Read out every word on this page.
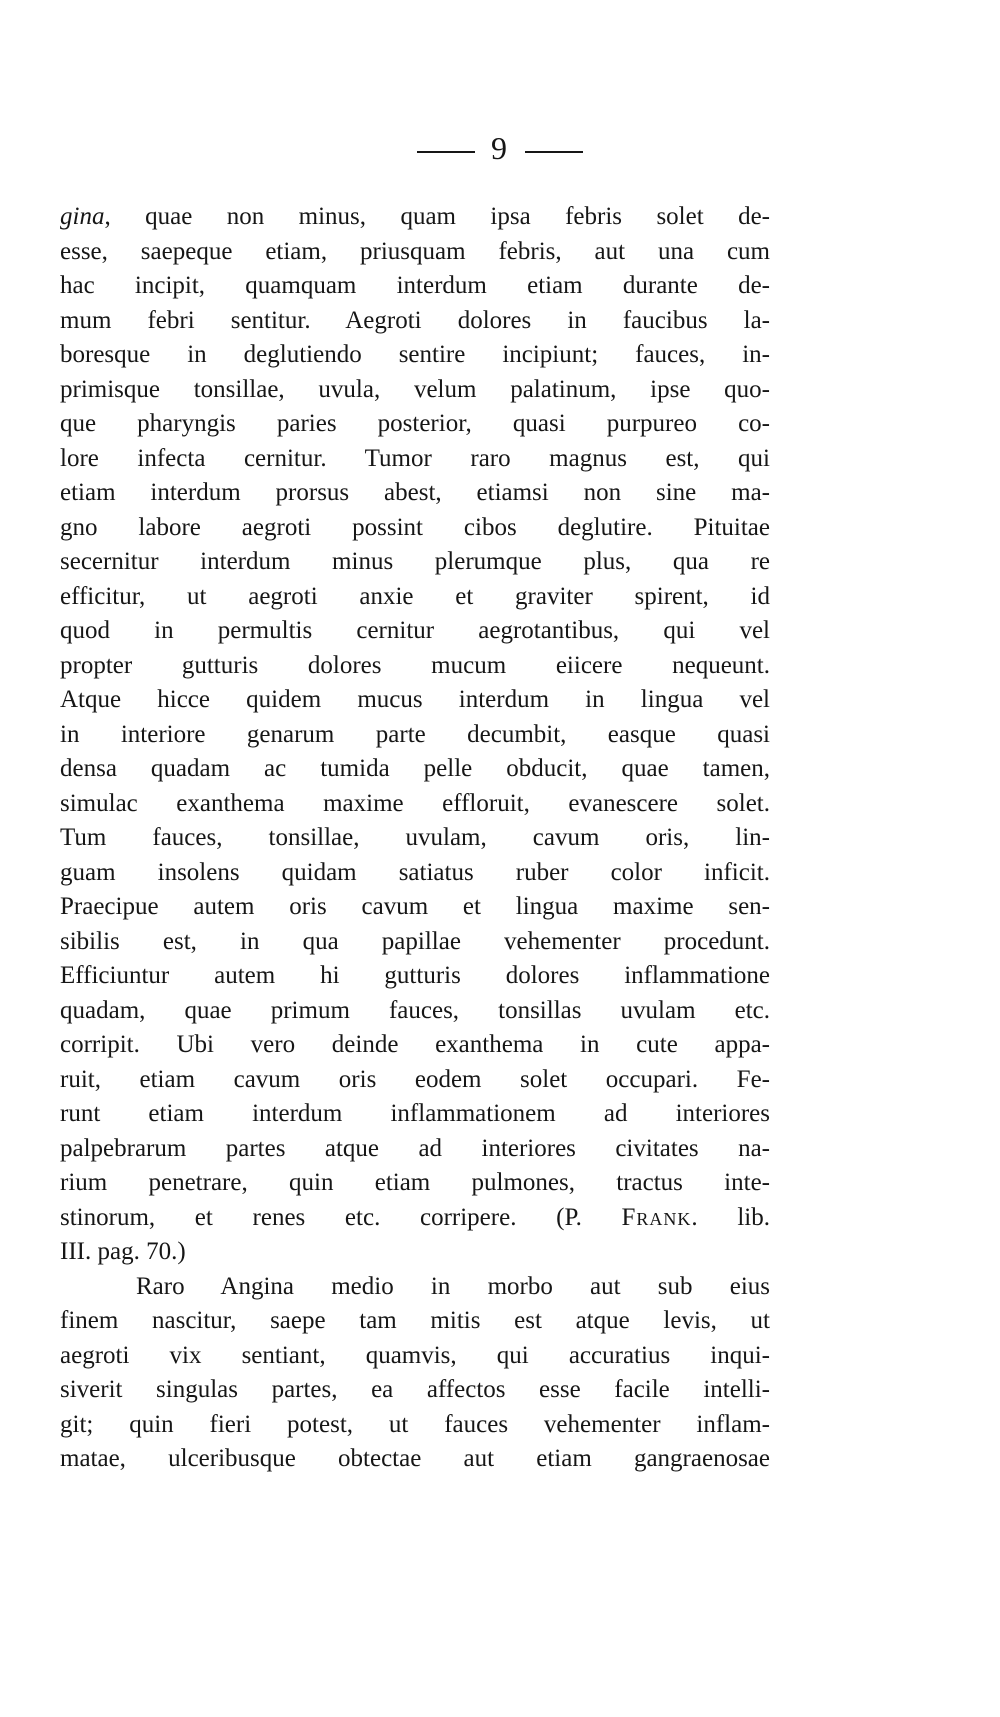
9
gina, quae non minus, quam ipsa febris solet de-
esse, saepeque etiam, priusquam febris, aut una cum
hac incipit, quamquam interdum etiam durante de-
mum febri sentitur. Aegroti dolores in faucibus la-
boresque in deglutiendo sentire incipiunt; fauces, in-
primisque tonsillae, uvula, velum palatinum, ipse quo-
que pharyngis paries posterior, quasi purpureo co-
lore infecta cernitur. Tumor raro magnus est, qui
etiam interdum prorsus abest, etiamsi non sine ma-
gno labore aegroti possint cibos deglutire. Pituitae
secernitur interdum minus plerumque plus, qua re
efficitur, ut aegroti anxie et graviter spirent, id
quod in permultis cernitur aegrotantibus, qui vel
propter gutturis dolores mucum eiicere nequeunt.
Atque hicce quidem mucus interdum in lingua vel
in interiore genarum parte decumbit, easque quasi
densa quadam ac tumida pelle obducit, quae tamen,
simulac exanthema maxime effloruit, evanescere solet.
Tum fauces, tonsillae, uvulam, cavum oris, lin-
guam insolens quidam satiatus ruber color inficit.
Praecipue autem oris cavum et lingua maxime sen-
sibilis est, in qua papillae vehementer procedunt.
Efficiuntur autem hi gutturis dolores inflammatione
quadam, quae primum fauces, tonsillas uvulam etc.
corripit. Ubi vero deinde exanthema in cute appa-
ruit, etiam cavum oris eodem solet occupari. Fe-
runt etiam interdum inflammationem ad interiores
palpebrarum partes atque ad interiores civitates na-
rium penetrare, quin etiam pulmones, tractus inte-
stinorum, et renes etc. corripere. (P. Frank. lib.
III. pag. 70.)
Raro Angina medio in morbo aut sub eius
finem nascitur, saepe tam mitis est atque levis, ut
aegroti vix sentiant, quamvis, qui accuratius inqui-
siverit singulas partes, ea affectos esse facile intelli-
git; quin fieri potest, ut fauces vehementer inflam-
matae, ulceribusque obtectae aut etiam gangraenosae
